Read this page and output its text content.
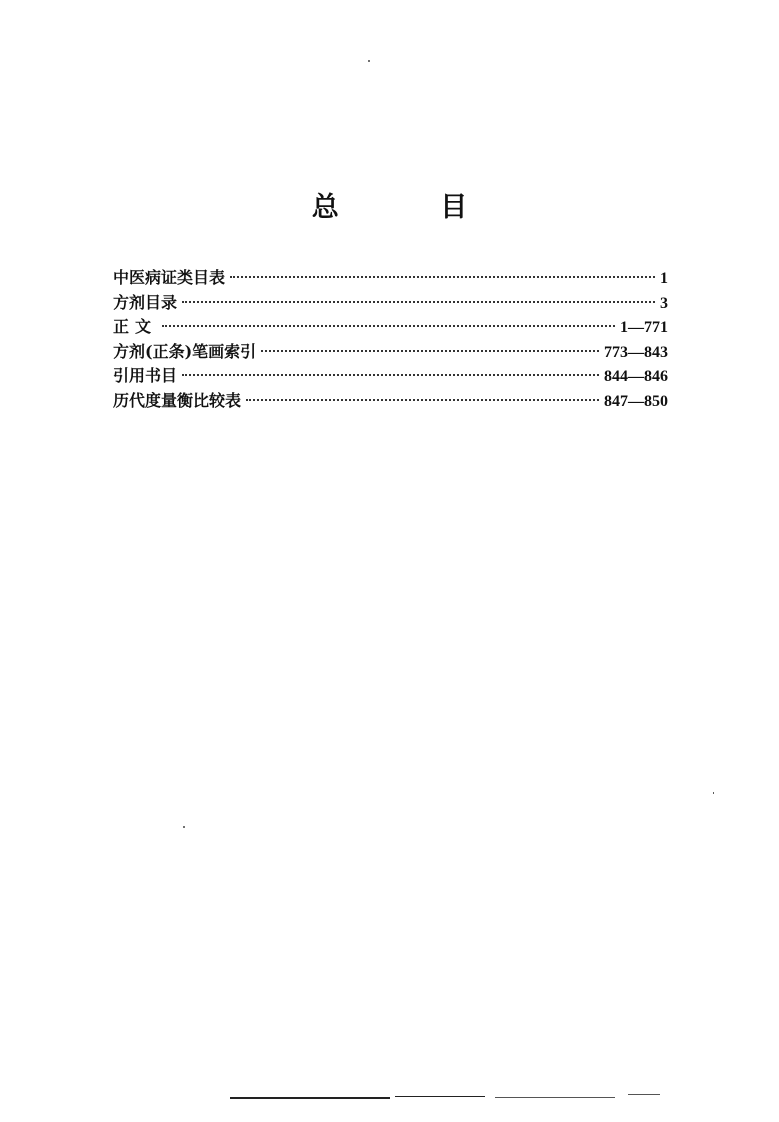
总 目
中医病证类目表	1
方剂目录	3
正文	1—771
方剂(正条)笔画索引	773—843
引用书目	844—846
历代度量衡比较表	847—850
